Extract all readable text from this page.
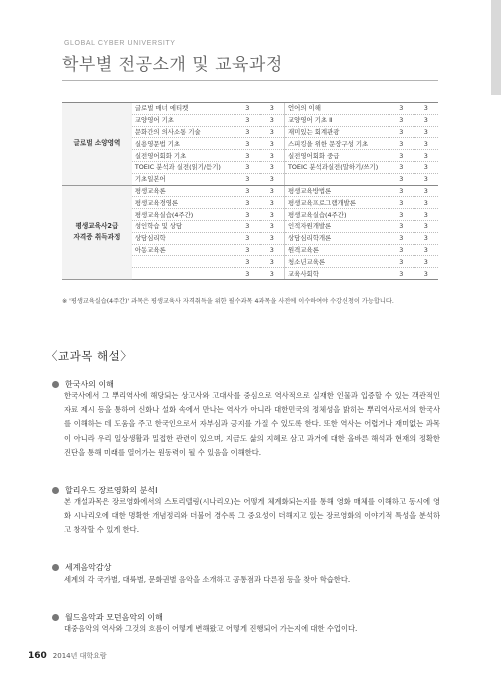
GLOBAL CYBER UNIVERSITY
학부별 전공소개 및 교육과정
글로벌 소양영역	글로벌 매너 에티켓	3	3	언어의 이해	3	3
	교양영어 기초	3	3	교양영어 기초 Ⅱ	3	3
	문화간의 의사소통 기술	3	3	재미있는 회계관광	3	3
	실용영문법 기초	3	3	스피킹을 위한 문장구성 기초	3	3
	실전영어회화 기초	3	3	실전영어회화 중급	3	3
	TOEIC 분석과 실전(읽기/듣기)	3	3	TOEIC 분석과실전(말하기/쓰기)	3	3
	기초일본어	3	3		3	3
평생교육사2급
자격증 취득과정	평생교육론	3	3	평생교육방법론	3	3
	평생교육경영론	3	3	평생교육프로그램개발론	3	3
	평생교육실습(4주간)	3	3	평생교육실습(4주간)	3	3
	성인학습 및 상담	3	3	인적자원개발론	3	3
	상담심리학	3	3	상담심리학개론	3	3
	아동교육론	3	3	원격교육론	3	3
		3	3	청소년교육론	3	3
		3	3	교육사회학	3	3
※ '평생교육실습(4주간)' 과목은 평생교육사 자격취득을 위한 필수과목 4과목을 사전에 이수하여야 수강신청이 가능합니다.
〈교과목 해설〉
한국사의 이해
한국사에서 그 뿌리역사에 해당되는 상고사와 고대사를 중심으로 역사적으로 실재한 인물과 입증할 수 있는 객관적인 자료 제시 등을 통하여 신화나 설화 속에서 만나는 역사가 아니라 대한민국의 정체성을 밝히는 뿌리역사로서의 한국사를 이해하는 데 도움을 주고 한국인으로서 자부심과 긍지를 가질 수 있도록 한다. 또한 역사는 어렵거나 재미없는 과목이 아니라 우리 일상생활과 밀접한 관련이 있으며, 지금도 삶의 지혜로 삼고 과거에 대한 올바른 해석과 현재의 정확한 진단을 통해 미래를 열어가는 원동력이 될 수 있음을 이해한다.
할리우드 장르영화의 분석Ⅰ
본 개설과목은 장르영화에서의 스토리텔링(시나리오)는 어떻게 체계화되는지를 통해 영화 매체를 이해하고 동시에 영화 시나리오에 대한 명확한 개념정리와 더불어 경수록 그 중요성이 더해지고 있는 장르영화의 이야기적 특성을 분석하고 창작할 수 있게 한다.
세계음악감상
세계의 각 국가별, 대륙별, 문화권별 음악을 소개하고 공통점과 다른점 등을 찾아 학습한다.
월드음악과 모던음악의 이해
대중음악의 역사와 그것의 흐름이 어떻게 변해왔고 어떻게 진행되어 가는지에 대한 수업이다.
160 2014년 대학요람
